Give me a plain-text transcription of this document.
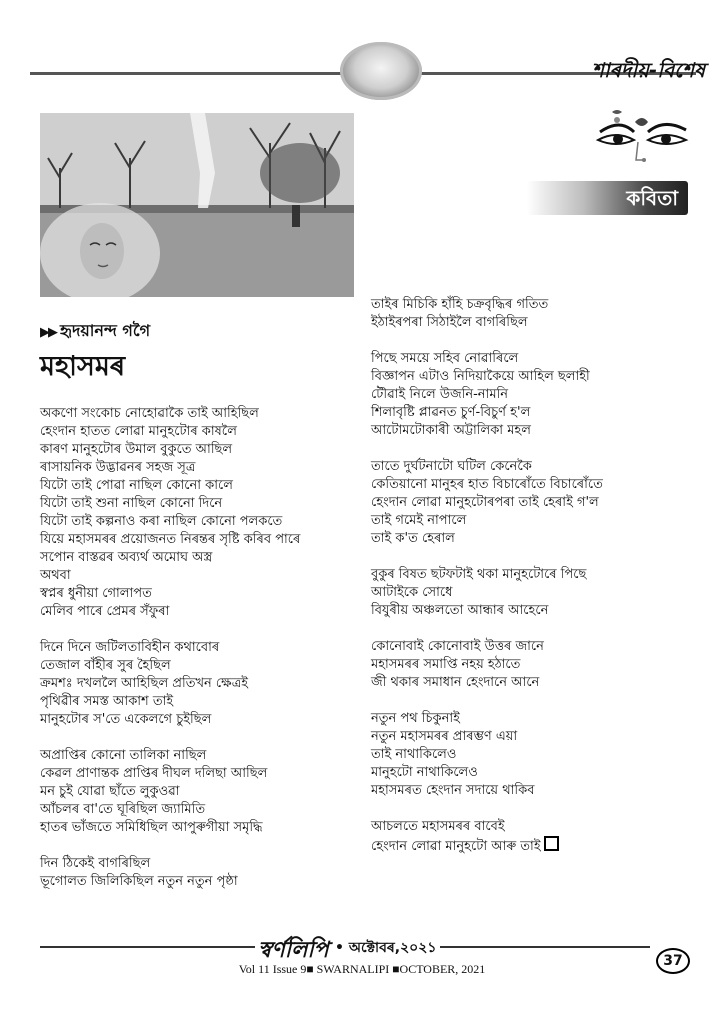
শাৰদীয়-বিশেষ
কবিতা
▶▶ হৃদয়ানন্দ গগৈ
মহাসমৰ
অকণো সংকোচ নোহোৱাকৈ তাই আহিছিল
হেংদান হাতত লোৱা মানুহটোৰ কাষলৈ
কাৰণ মানুহটোৰ উমাল বুকুতে আছিল
ৰাসায়নিক উদ্ভাৱনৰ সহজ সূত্ৰ
যিটো তাই পোৱা নাছিল কোনো কালে
যিটো তাই শুনা নাছিল কোনো দিনে
যিটো তাই কল্পনাও কৰা নাছিল কোনো পলকতে
যিয়ে মহাসমৰৰ প্ৰয়োজনত নিৰন্তৰ সৃষ্টি কৰিব পাৰে
সপোন বাস্তৱৰ অব্যৰ্থ অমোঘ অস্ত্ৰ
অথবা
স্বপ্নৰ ধুনীয়া গোলাপত
মেলিব পাৰে প্ৰেমৰ সঁফুৰা
দিনে দিনে জটিলতাবিহীন কথাবোৰ
তেজাল বাঁহীৰ সুৰ হৈছিল
ক্ৰমশঃ দখললৈ আহিছিল প্ৰতিখন ক্ষেত্ৰই
পৃথিৱীৰ সমস্ত আকাশ তাই
মানুহটোৰ স'তে একেলগে চুইছিল
অপ্ৰাপ্তিৰ কোনো তালিকা নাছিল
কেৱল প্ৰাণান্তক প্ৰাপ্তিৰ দীঘল দলিছা আছিল
মন চুই যোৱা ছাঁতে লুকুওৱা
আঁচলৰ বা'তে ঘূৰিছিল জ্যামিতি
হাতৰ ভাঁজতে সমিধিছিল আপুৰুগীয়া সমৃদ্ধি
দিন ঠিকেই বাগৰিছিল
ভূগোলত জিলিকিছিল নতুন নতুন পৃষ্ঠা
তাইৰ মিচিকি হাঁহি চক্ৰবৃদ্ধিৰ গতিত
ইঠাইৰপৰা সিঠাইলৈ বাগৰিছিল
পিছে সময়ে সহিব নোৱাৰিলে
বিজ্ঞাপন এটাও নিদিয়াকৈয়ে আহিল ছলাহী
টৌৱাই নিলে উজনি-নামনি
শিলাবৃষ্টি প্লাৱনত চুৰ্ণ-বিচুৰ্ণ হ'ল
আটোমটোকাৰী অট্টালিকা মহল
তাতে দুৰ্ঘটনাটো ঘটিল কেনেকৈ
কেতিয়ানো মানুহৰ হাত বিচাৰোঁতে বিচাৰোঁতে
হেংদান লোৱা মানুহটোৰপৰা তাই হেৰাই গ'ল
তাই গমেই নাপালে
তাই ক'ত হেৰাল
বুকুৰ বিষত ছটফটাই থকা মানুহটোৰে পিছে
আটাইকে সোধে
বিযুৰীয় অঞ্চলতো আন্ধাৰ আহেনে
কোনোবাই কোনোবাই উত্তৰ জানে
মহাসমৰৰ সমাপ্তি নহয় হঠাতে
জী থকাৰ সমাধান হেংদানে আনে
নতুন পথ চিকুনাই
নতুন মহাসমৰৰ প্ৰাৰম্ভণ এয়া
তাই নাথাকিলেও
মানুহটো নাথাকিলেও
মহাসমৰত হেংদান সদায়ে থাকিব
আচলতে মহাসমৰৰ বাবেই
হেংদান লোৱা মানুহটো আৰু তাই
স্বৰ্ণলিপি • অক্টোবৰ,২০২১
37
Vol 11 Issue 9■ SWARNALIPI ■OCTOBER, 2021
